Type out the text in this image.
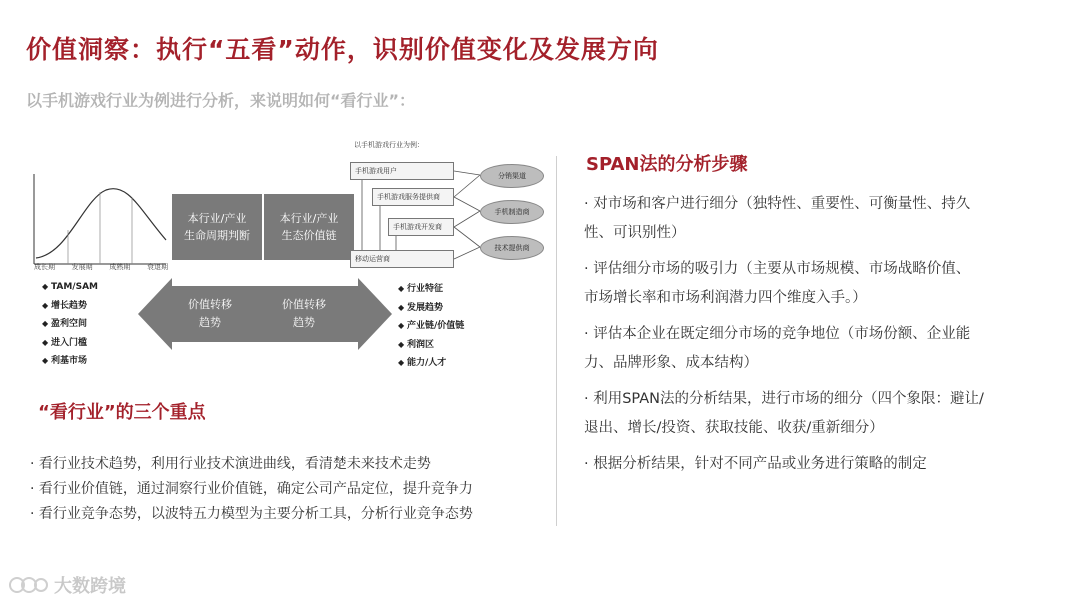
价值洞察：执行“五看”动作，识别价值变化及发展方向
以手机游戏行业为例进行分析，来说明如何“看行业”：
成长期 发展期 成熟期 衰退期
本行业/产业
生命周期判断
本行业/产业
生态价值链
价值转移
趋势
价值转移
趋势
◆ TAM/SAM
◆ 增长趋势
◆ 盈利空间
◆ 进入门槛
◆ 利基市场
◆ 行业特征
◆ 发展趋势
◆ 产业链/价值链
◆ 利润区
◆ 能力/人才
以手机游戏行业为例：
手机游戏用户
手机游戏服务提供商
手机游戏开发商
移动运营商
分销渠道
手机制造商
技术提供商
“看行业”的三个重点
· 看行业技术趋势，利用行业技术演进曲线，看清楚未来技术走势
· 看行业价值链，通过洞察行业价值链，确定公司产品定位，提升竞争力
· 看行业竞争态势，以波特五力模型为主要分析工具，分析行业竞争态势
SPAN法的分析步骤
· 对市场和客户进行细分（独特性、重要性、可衡量性、持久性、可识别性）
· 评估细分市场的吸引力（主要从市场规模、市场战略价值、市场增长率和市场利润潜力四个维度入手。）
· 评估本企业在既定细分市场的竞争地位（市场份额、企业能力、品牌形象、成本结构）
· 利用SPAN法的分析结果，进行市场的细分（四个象限：避让/退出、增长/投资、获取技能、收获/重新细分）
· 根据分析结果，针对不同产品或业务进行策略的制定
大数跨境
